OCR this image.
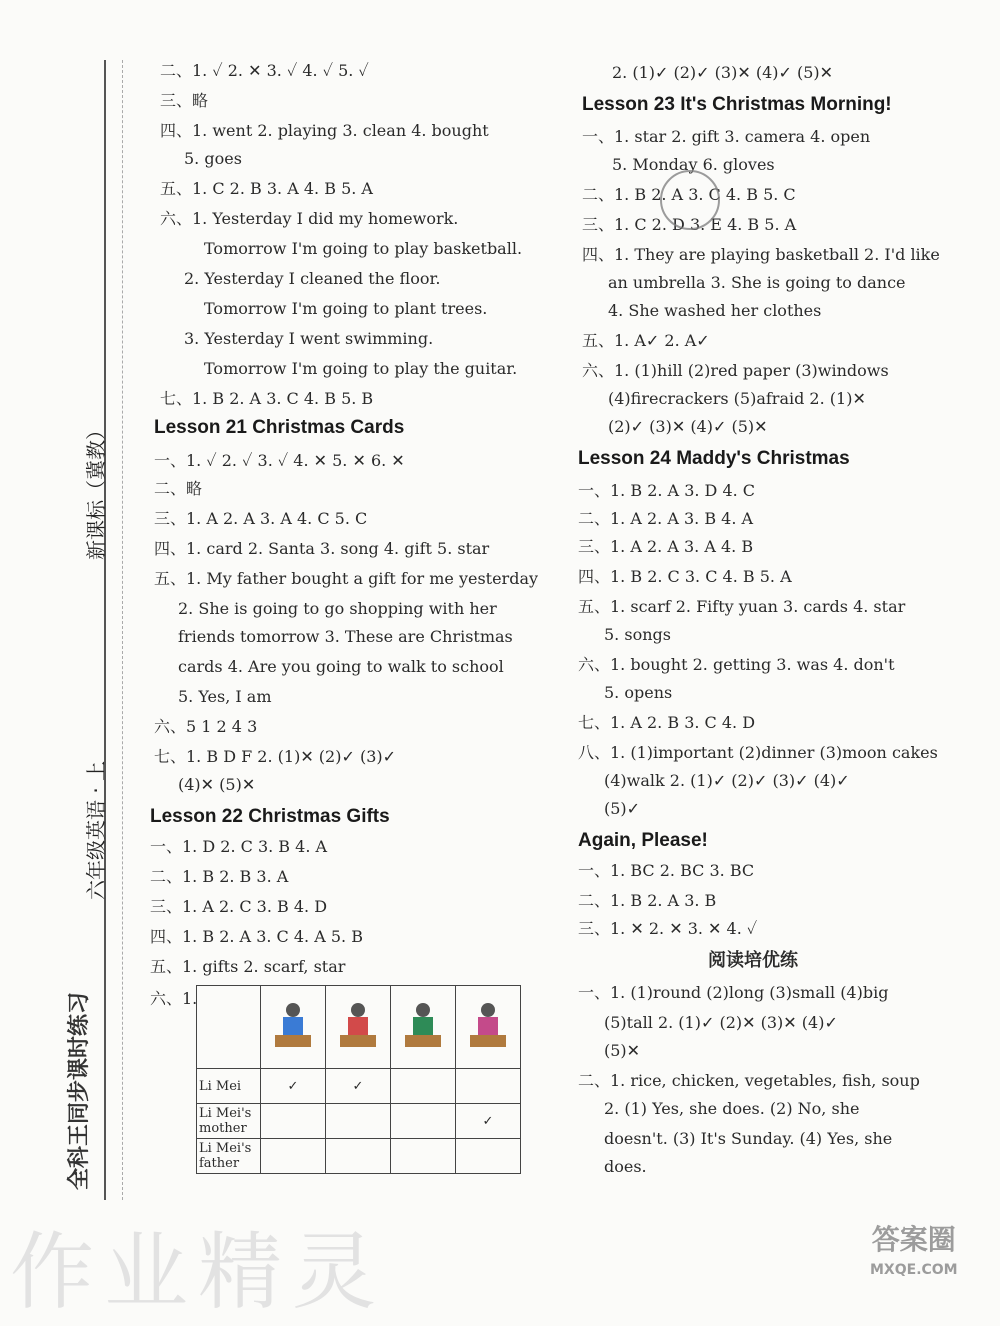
新课标（冀教）
六年级英语 · 上
全科王同步课时练习
二、1. ✓ 2. ✕ 3. ✓ 4. ✓ 5. ✓
三、略
四、1. went 2. playing 3. clean 4. bought
5. goes
五、1. C 2. B 3. A 4. B 5. A
六、1. Yesterday I did my homework.
Tomorrow I'm going to play basketball.
2. Yesterday I cleaned the floor.
Tomorrow I'm going to plant trees.
3. Yesterday I went swimming.
Tomorrow I'm going to play the guitar.
七、1. B 2. A 3. C 4. B 5. B
Lesson 21 Christmas Cards
一、1. ✓ 2. ✓ 3. ✓ 4. ✕ 5. ✕ 6. ✕
二、略
三、1. A 2. A 3. A 4. C 5. C
四、1. card 2. Santa 3. song 4. gift 5. star
五、1. My father bought a gift for me yesterday
2. She is going to go shopping with her
friends tomorrow 3. These are Christmas
cards 4. Are you going to walk to school
5. Yes, I am
六、5 1 2 4 3
七、1. B D F 2. (1)✕ (2)✓ (3)✓
(4)✕ (5)✕
Lesson 22 Christmas Gifts
一、1. D 2. C 3. B 4. A
二、1. B 2. B 3. A
三、1. A 2. C 3. B 4. D
四、1. B 2. A 3. C 4. A 5. B
五、1. gifts 2. scarf, star
六、1.

Li Mei	✓	✓		
Li Mei's mother				✓
Li Mei's father				
2. (1)✓ (2)✓ (3)✕ (4)✓ (5)✕
Lesson 23 It's Christmas Morning!
一、1. star 2. gift 3. camera 4. open
5. Monday 6. gloves
二、1. B 2. A 3. C 4. B 5. C
三、1. C 2. D 3. E 4. B 5. A
四、1. They are playing basketball 2. I'd like
an umbrella 3. She is going to dance
4. She washed her clothes
五、1. A✓ 2. A✓
六、1. (1)hill (2)red paper (3)windows
(4)firecrackers (5)afraid 2. (1)✕
(2)✓ (3)✕ (4)✓ (5)✕
Lesson 24 Maddy's Christmas
一、1. B 2. A 3. D 4. C
二、1. A 2. A 3. B 4. A
三、1. A 2. A 3. A 4. B
四、1. B 2. C 3. C 4. B 5. A
五、1. scarf 2. Fifty yuan 3. cards 4. star
5. songs
六、1. bought 2. getting 3. was 4. don't
5. opens
七、1. A 2. B 3. C 4. D
八、1. (1)important (2)dinner (3)moon cakes
(4)walk 2. (1)✓ (2)✓ (3)✓ (4)✓
(5)✓
Again, Please!
一、1. BC 2. BC 3. BC
二、1. B 2. A 3. B
三、1. ✕ 2. ✕ 3. ✕ 4. ✓
阅读培优练
一、1. (1)round (2)long (3)small (4)big
(5)tall 2. (1)✓ (2)✕ (3)✕ (4)✓
(5)✕
二、1. rice, chicken, vegetables, fish, soup
2. (1) Yes, she does. (2) No, she
doesn't. (3) It's Sunday. (4) Yes, she
does.
作业精灵	答案圈
MXQE.COM
